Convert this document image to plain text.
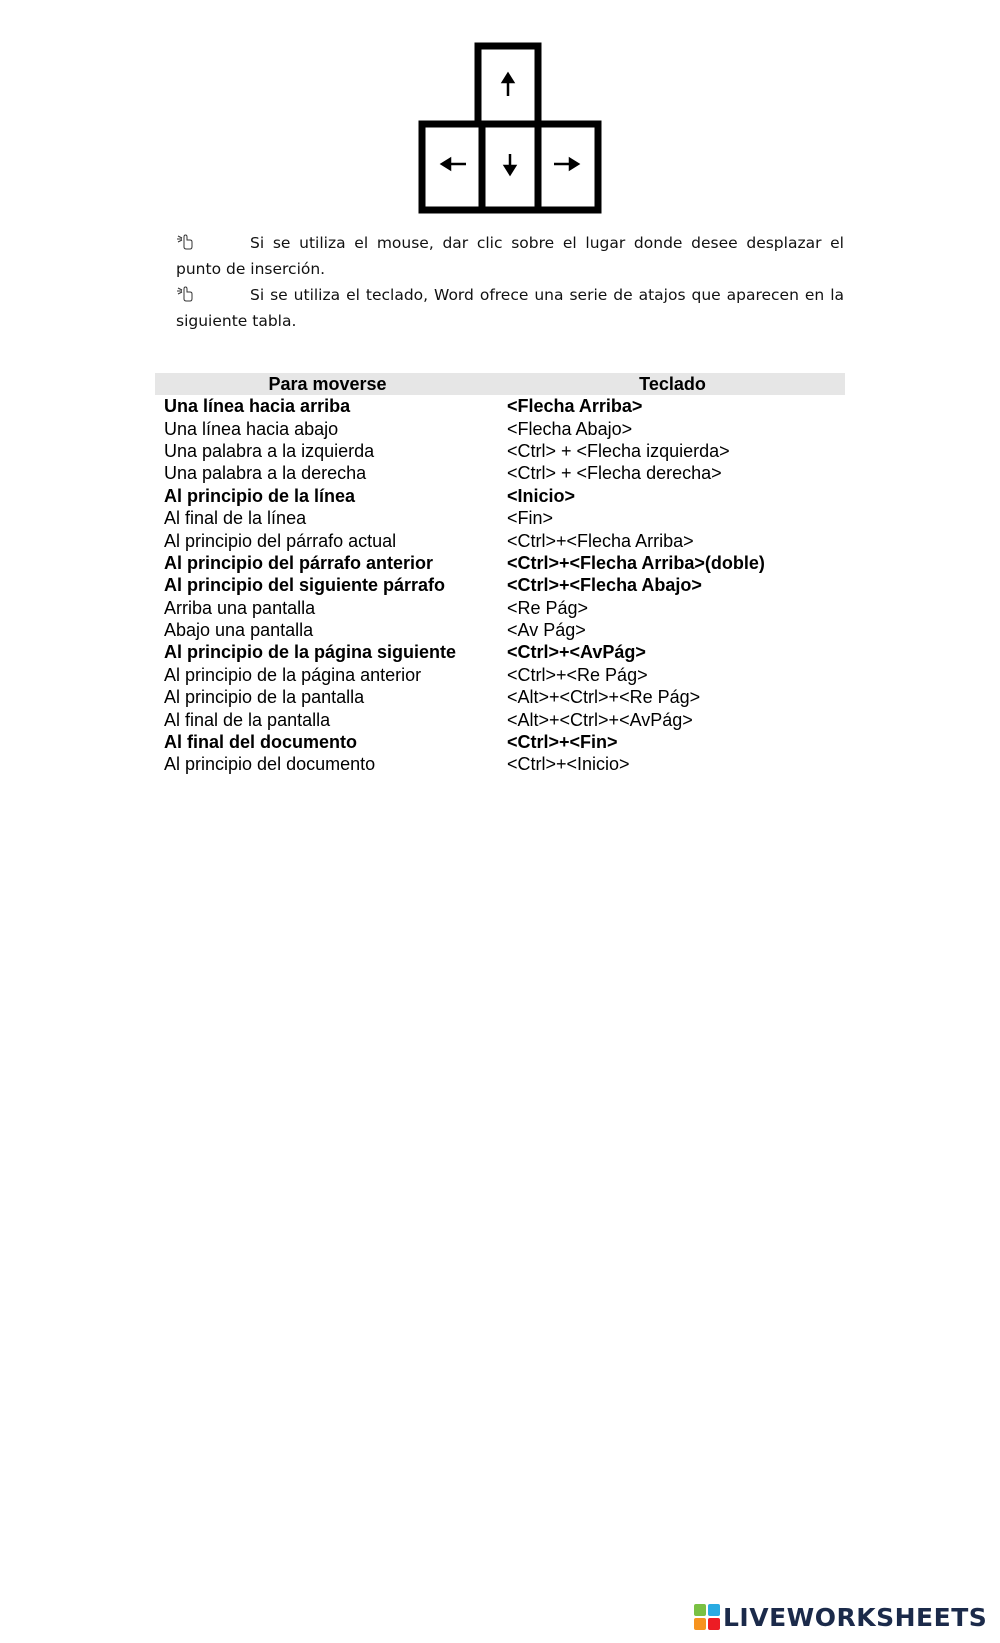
Si se utiliza el mouse, dar clic sobre el lugar donde desee desplazar el punto de inserción.

Si se utiliza el teclado, Word ofrece una serie de atajos que aparecen en la siguiente tabla.

Para moverse	Teclado
Una línea hacia arriba	<Flecha Arriba>
Una línea hacia abajo	<Flecha Abajo>
Una palabra a la izquierda	<Ctrl> + <Flecha izquierda>
Una palabra a la derecha	<Ctrl> + <Flecha derecha>
Al principio de la línea	<Inicio>
Al final de la línea	<Fin>
Al principio del párrafo actual	<Ctrl>+<Flecha Arriba>
Al principio del párrafo anterior	<Ctrl>+<Flecha Arriba>(doble)
Al principio del siguiente párrafo	<Ctrl>+<Flecha Abajo>
Arriba una pantalla	<Re Pág>
Abajo una pantalla	<Av Pág>
Al principio de la página siguiente	<Ctrl>+<AvPág>
Al principio de la página anterior	<Ctrl>+<Re Pág>
Al principio de la pantalla	<Alt>+<Ctrl>+<Re Pág>
Al final de la pantalla	<Alt>+<Ctrl>+<AvPág>
Al final del documento	<Ctrl>+<Fin>
Al principio del documento	<Ctrl>+<Inicio>
LIVEWORKSHEETS
